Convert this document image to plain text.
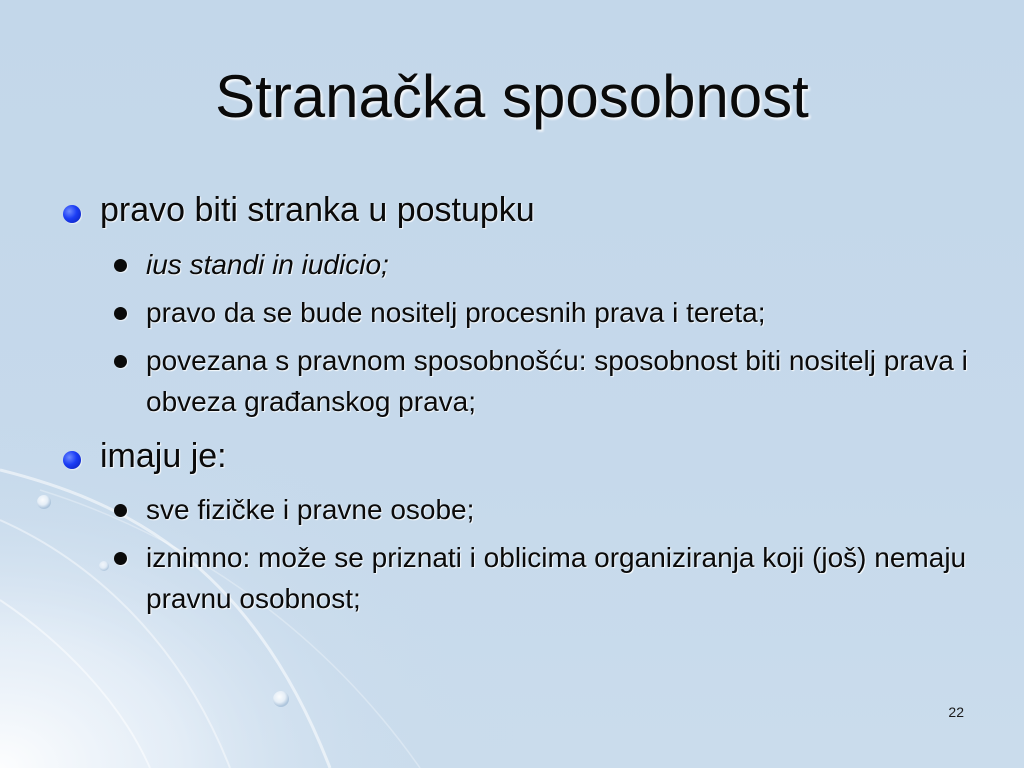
Stranačka sposobnost
pravo biti stranka u postupku
ius standi in iudicio;
pravo da se bude nositelj procesnih prava i tereta;
povezana s pravnom sposobnošću: sposobnost biti nositelj prava i obveza građanskog prava;
imaju je:
sve fizičke i pravne osobe;
iznimno: može se priznati i oblicima organiziranja koji (još) nemaju pravnu osobnost;
22
